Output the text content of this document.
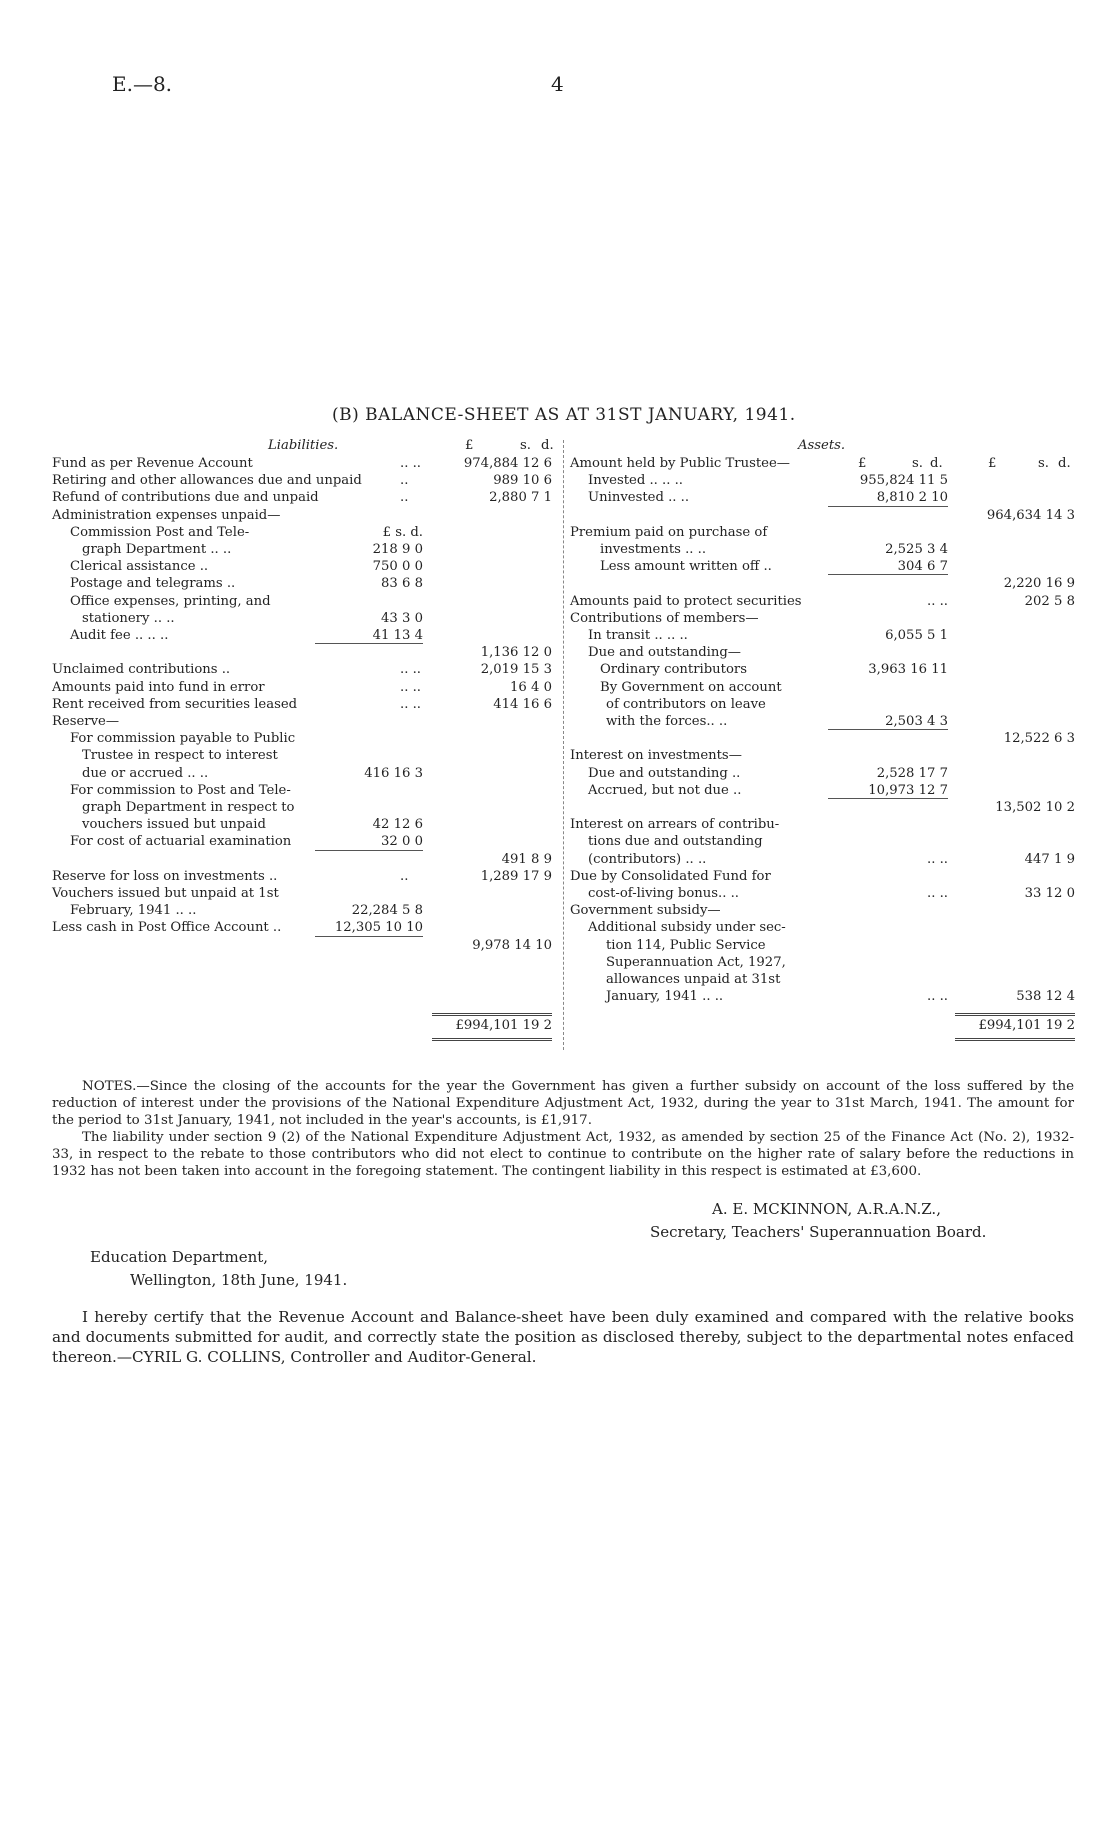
E.—8.	4
(B) BALANCE-SHEET AS AT 31ST JANUARY, 1941.
Liabilities.	£	s. d.
Fund as per Revenue Account	.. ..	974,884 12 6
Retiring and other allowances due and unpaid	..	989 10 6
Refund of contributions due and unpaid	..	2,880 7 1
Administration expenses unpaid—
Commission Post and Tele-	£ s. d.
graph Department .. ..	218 9 0
Clerical assistance ..	750 0 0
Postage and telegrams ..	83 6 8
Office expenses, printing, and
stationery .. ..	43 3 0
Audit fee .. .. ..	41 13 4
1,136 12 0
Unclaimed contributions ..	.. ..	2,019 15 3
Amounts paid into fund in error	.. ..	16 4 0
Rent received from securities leased	.. ..	414 16 6
Reserve—
For commission payable to Public
Trustee in respect to interest
due or accrued .. ..	416 16 3
For commission to Post and Tele-
graph Department in respect to
vouchers issued but unpaid	42 12 6
For cost of actuarial examination	32 0 0
491 8 9
Reserve for loss on investments ..	..	1,289 17 9
Vouchers issued but unpaid at 1st
February, 1941 .. ..	22,284 5 8
Less cash in Post Office Account ..	12,305 10 10
9,978 14 10
Assets.
£	s. d.	£	s. d.
Amount held by Public Trustee—
Invested .. .. ..	955,824 11 5
Uninvested .. ..	8,810 2 10
964,634 14 3
Premium paid on purchase of
investments .. ..	2,525 3 4
Less amount written off ..	304 6 7
2,220 16 9
Amounts paid to protect securities	.. ..	202 5 8
Contributions of members—
In transit .. .. ..	6,055 5 1
Due and outstanding—
Ordinary contributors	3,963 16 11
By Government on account
of contributors on leave
with the forces.. ..	2,503 4 3
12,522 6 3
Interest on investments—
Due and outstanding ..	2,528 17 7
Accrued, but not due ..	10,973 12 7
13,502 10 2
Interest on arrears of contribu-
tions due and outstanding
(contributors) .. ..	.. ..	447 1 9
Due by Consolidated Fund for
cost-of-living bonus.. ..	.. ..	33 12 0
Government subsidy—
Additional subsidy under sec-
tion 114, Public Service
Superannuation Act, 1927,
allowances unpaid at 31st
January, 1941 .. ..	.. ..	538 12 4
£994,101 19 2	£994,101 19 2

NOTES.—Since the closing of the accounts for the year the Government has given a further subsidy on account of the loss suffered by the reduction of interest under the provisions of the National Expenditure Adjustment Act, 1932, during the year to 31st March, 1941. The amount for the period to 31st January, 1941, not included in the year's accounts, is £1,917.

The liability under section 9 (2) of the National Expenditure Adjustment Act, 1932, as amended by section 25 of the Finance Act (No. 2), 1932-33, in respect to the rebate to those contributors who did not elect to continue to contribute on the higher rate of salary before the reductions in 1932 has not been taken into account in the foregoing statement. The contingent liability in this respect is estimated at £3,600.

A. E. MCKINNON, A.R.A.N.Z.,
Secretary, Teachers' Superannuation Board.
Education Department,
Wellington, 18th June, 1941.
I hereby certify that the Revenue Account and Balance-sheet have been duly examined and compared with the relative books and documents submitted for audit, and correctly state the position as disclosed thereby, subject to the departmental notes enfaced thereon.—CYRIL G. COLLINS, Controller and Auditor-General.
